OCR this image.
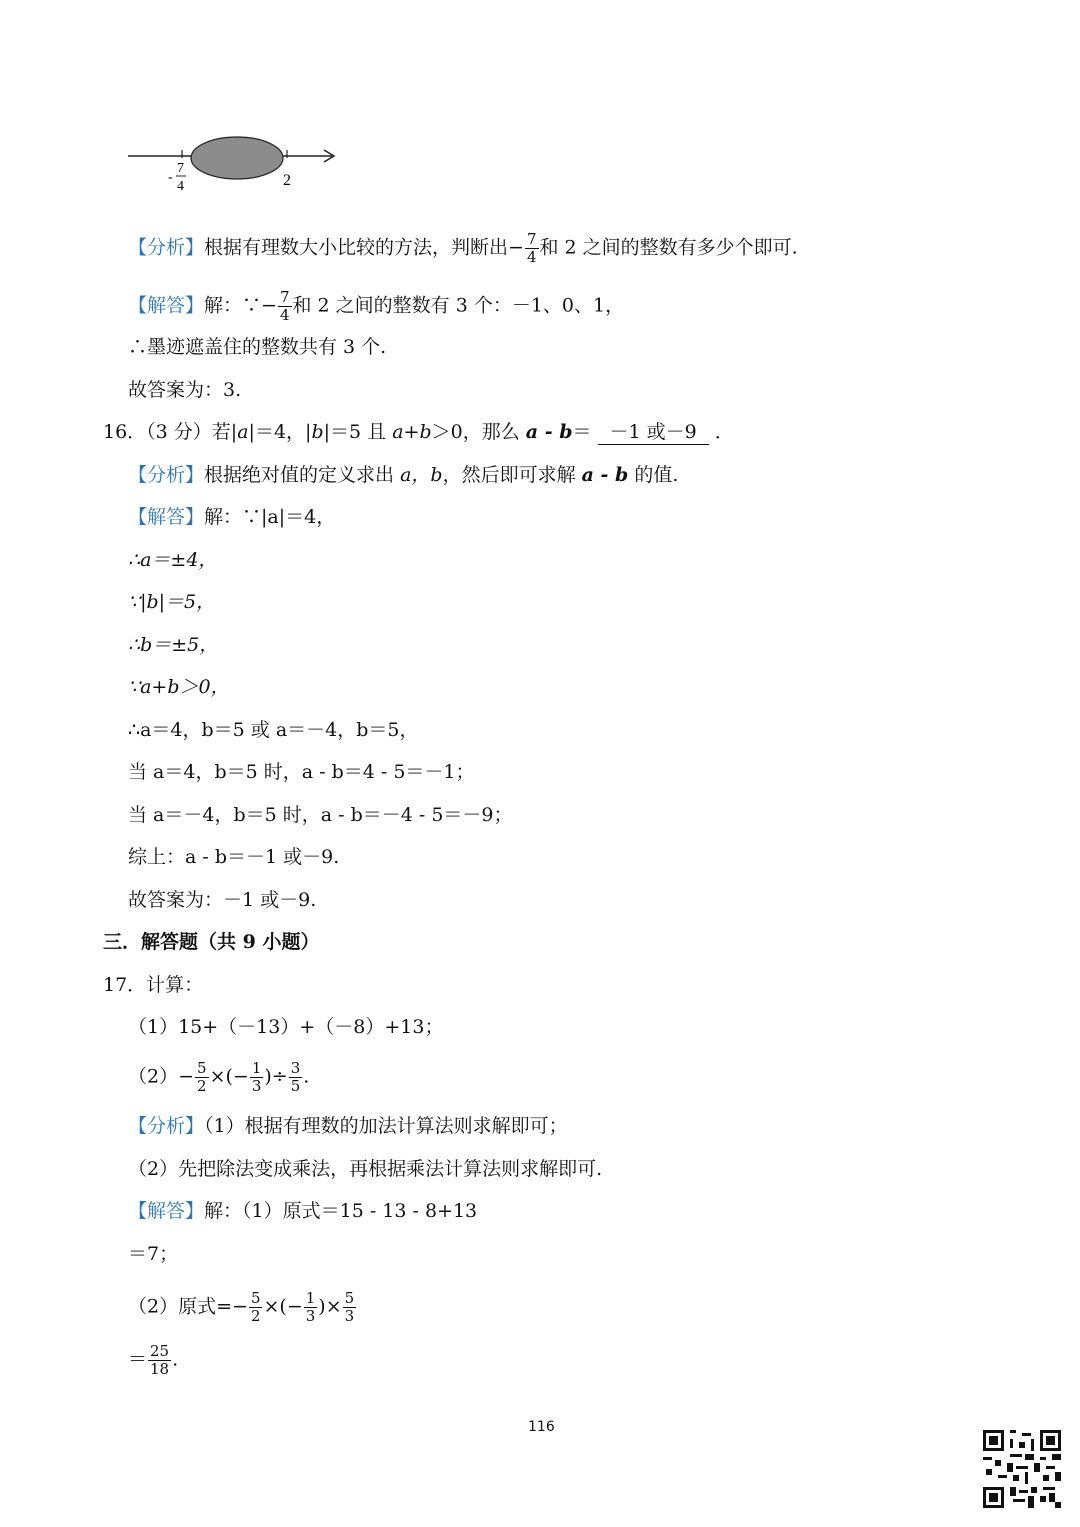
-
7
4	2
【分析】根据有理数大小比较的方法，判断出− $\frac{7}{4}$ 和 2 之间的整数有多少个即可.
【解答】解：∵− $\frac{7}{4}$ 和 2 之间的整数有 3 个：－1、0、1，
∴墨迹遮盖住的整数共有 3 个.
故答案为：3.
16．（3 分）若|a|＝4，|b|＝5 且 a+b＞0，那么 a - b＝ －1 或－9 ．
【分析】根据绝对值的定义求出 a，b，然后即可求解 a - b 的值.
【解答】解：∵|a|＝4，
∴a＝±4，
∵|b|＝5，
∴b＝±5，
∵a+b＞0，
∴a＝4，b＝5 或 a＝－4，b＝5，
当 a＝4，b＝5 时，a - b＝4 - 5＝－1；
当 a＝－4，b＝5 时，a - b＝－4 - 5＝－9；
综上：a - b＝－1 或－9.
故答案为：－1 或－9.
三．解答题（共 9 小题）
17．计算：
（1）15+（－13）+（－8）+13；
$(2)- \frac{5}{2}$ ×(− $\frac{1}{3}$ )÷ $\frac{3}{5}$ .
【分析】（1）根据有理数的加法计算法则求解即可；
（2）先把除法变成乘法，再根据乘法计算法则求解即可.
【解答】解：（1）原式＝15 - 13 - 8+13
＝7；
（2）原式=− $\frac{5}{2}$ ×(− $\frac{1}{3}$ )× $\frac{5}{3}$
＝ $\frac{25}{18}$ .
116
